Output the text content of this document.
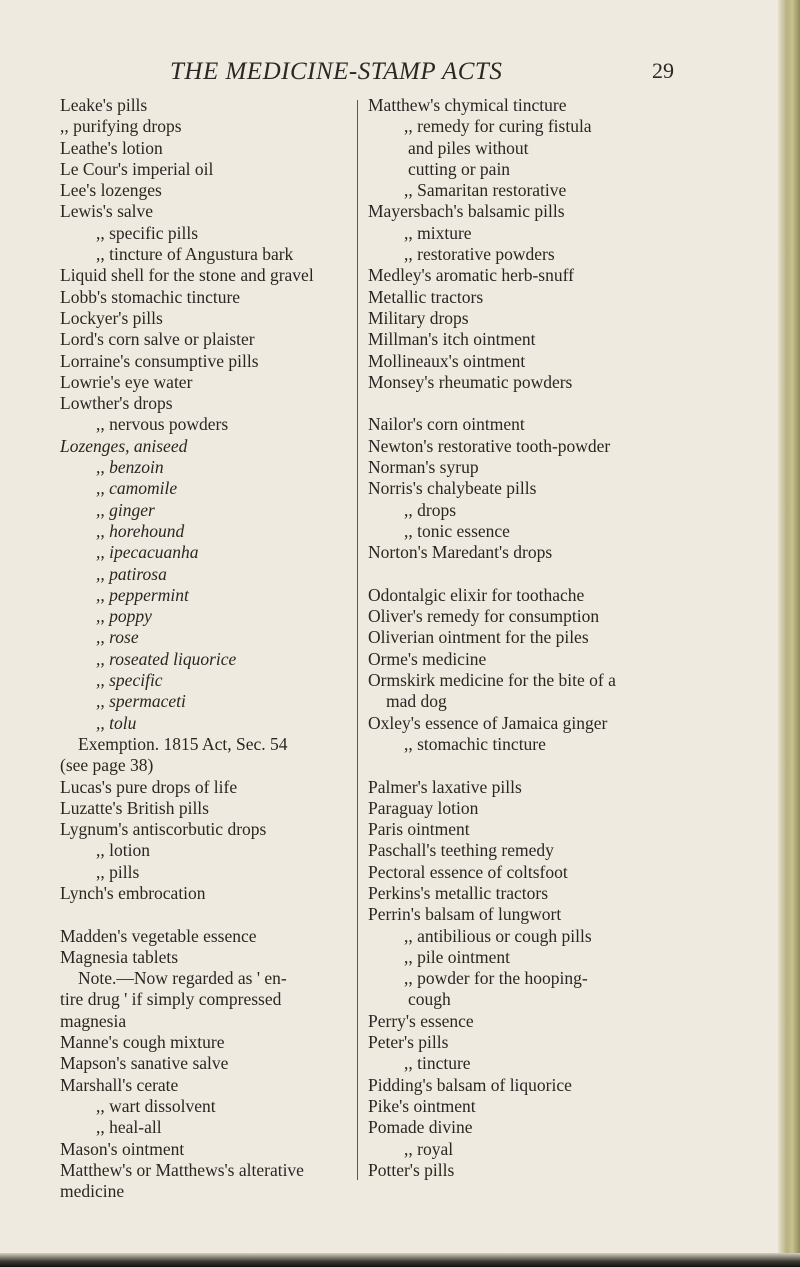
THE MEDICINE-STAMP ACTS	29
Leake's pills
,, purifying drops
Leathe's lotion
Le Cour's imperial oil
Lee's lozenges
Lewis's salve
,, specific pills
,, tincture of Angustura bark
Liquid shell for the stone and gravel
Lobb's stomachic tincture
Lockyer's pills
Lord's corn salve or plaister
Lorraine's consumptive pills
Lowrie's eye water
Lowther's drops
,, nervous powders
Lozenges, aniseed
,, benzoin
,, camomile
,, ginger
,, horehound
,, ipecacuanha
,, patirosa
,, peppermint
,, poppy
,, rose
,, roseated liquorice
,, specific
,, spermaceti
,, tolu
Exemption. 1815 Act, Sec. 54
(see page 38)
Lucas's pure drops of life
Luzatte's British pills
Lygnum's antiscorbutic drops
,, lotion
,, pills
Lynch's embrocation
Madden's vegetable essence
Magnesia tablets
Note.—Now regarded as ' en-
tire drug ' if simply compressed
magnesia
Manne's cough mixture
Mapson's sanative salve
Marshall's cerate
,, wart dissolvent
,, heal-all
Mason's ointment
Matthew's or Matthews's alterative
medicine
Matthew's chymical tincture
,, remedy for curing fistula
and piles without
cutting or pain
,, Samaritan restorative
Mayersbach's balsamic pills
,, mixture
,, restorative powders
Medley's aromatic herb-snuff
Metallic tractors
Military drops
Millman's itch ointment
Mollineaux's ointment
Monsey's rheumatic powders
Nailor's corn ointment
Newton's restorative tooth-powder
Norman's syrup
Norris's chalybeate pills
,, drops
,, tonic essence
Norton's Maredant's drops
Odontalgic elixir for toothache
Oliver's remedy for consumption
Oliverian ointment for the piles
Orme's medicine
Ormskirk medicine for the bite of a
mad dog
Oxley's essence of Jamaica ginger
,, stomachic tincture
Palmer's laxative pills
Paraguay lotion
Paris ointment
Paschall's teething remedy
Pectoral essence of coltsfoot
Perkins's metallic tractors
Perrin's balsam of lungwort
,, antibilious or cough pills
,, pile ointment
,, powder for the hooping-
cough
Perry's essence
Peter's pills
,, tincture
Pidding's balsam of liquorice
Pike's ointment
Pomade divine
,, royal
Potter's pills
